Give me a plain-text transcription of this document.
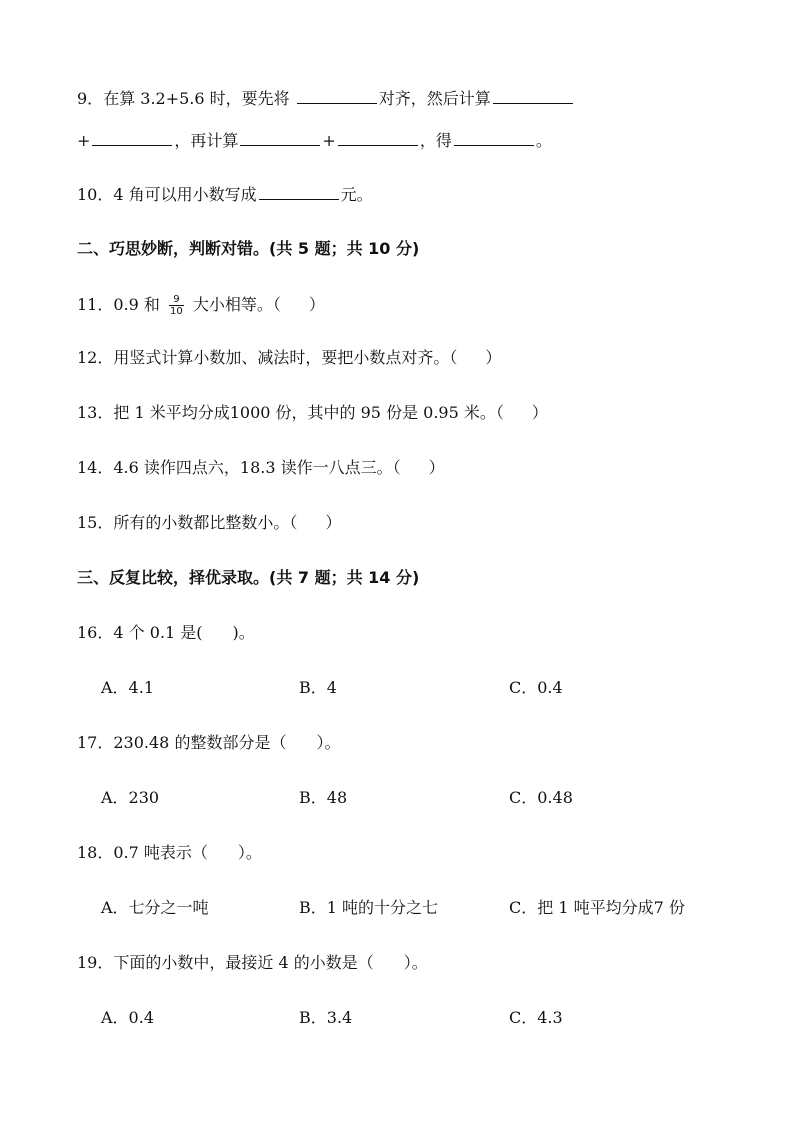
9．在算 3.2+5.6 时，要先将	对齐，然后计算
+	，再计算	+	，得	。
10．4 角可以用小数写成	元。
二、巧思妙断，判断对错。(共 5 题；共 10 分)
11．0.9 和 $\frac{9}{10}$ 大小相等。（ ）
12．用竖式计算小数加、减法时，要把小数点对齐。（ ）
13．把 1 米平均分成1000 份，其中的 95 份是 0.95 米。（ ）
14．4.6 读作四点六，18.3 读作一八点三。（ ）
15．所有的小数都比整数小。（ ）
三、反复比较，择优录取。(共 7 题；共 14 分)
16．4 个 0.1 是( )。
A．4.1	B．4	C．0.4
17．230.48 的整数部分是（ ）。
A．230	B．48	C．0.48
18．0.7 吨表示（ ）。
A．七分之一吨	B．1 吨的十分之七	C．把 1 吨平均分成7 份
19．下面的小数中，最接近 4 的小数是（ ）。
A．0.4	B．3.4	C．4.3
